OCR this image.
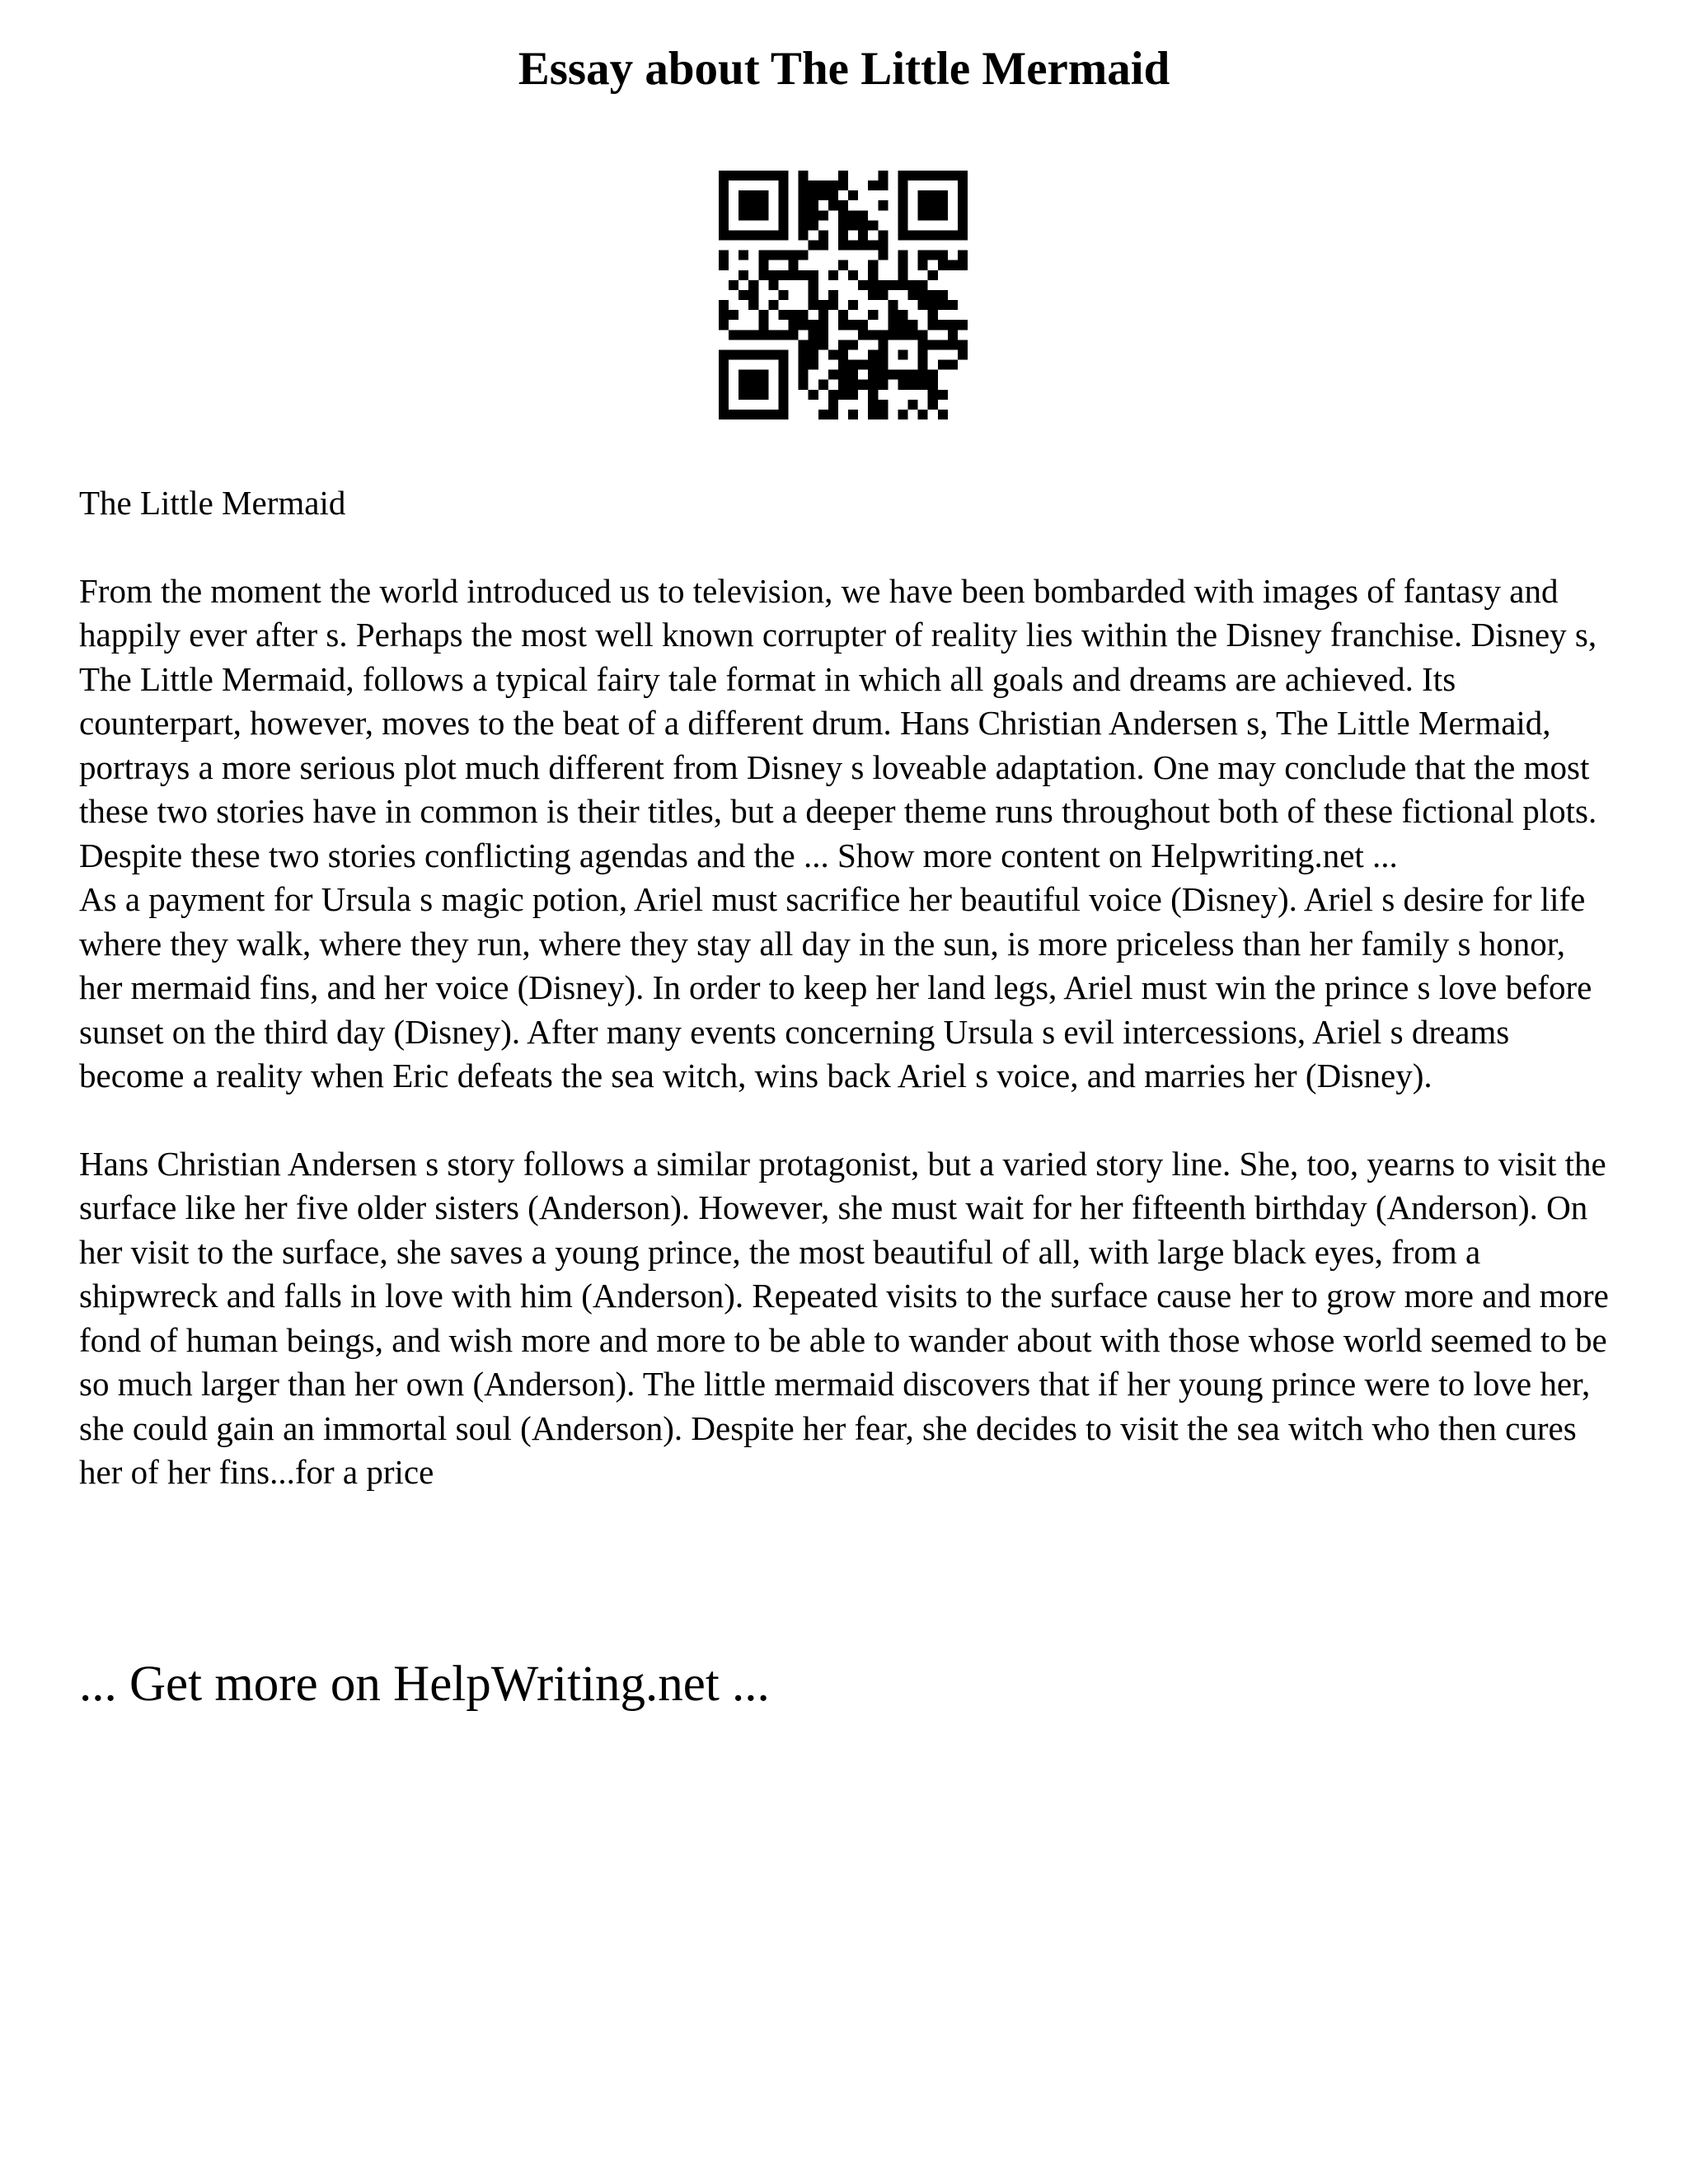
Essay about The Little Mermaid

The Little Mermaid

From the moment the world introduced us to television, we have been bombarded with images of fantasy and happily ever after s. Perhaps the most well known corrupter of reality lies within the Disney franchise. Disney s, The Little Mermaid, follows a typical fairy tale format in which all goals and dreams are achieved. Its counterpart, however, moves to the beat of a different drum. Hans Christian Andersen s, The Little Mermaid, portrays a more serious plot much different from Disney s loveable adaptation. One may conclude that the most these two stories have in common is their titles, but a deeper theme runs throughout both of these fictional plots. Despite these two stories conflicting agendas and the ... Show more content on Helpwriting.net ...

As a payment for Ursula s magic potion, Ariel must sacrifice her beautiful voice (Disney). Ariel s desire for life where they walk, where they run, where they stay all day in the sun, is more priceless than her family s honor, her mermaid fins, and her voice (Disney). In order to keep her land legs, Ariel must win the prince s love before sunset on the third day (Disney). After many events concerning Ursula s evil intercessions, Ariel s dreams become a reality when Eric defeats the sea witch, wins back Ariel s voice, and marries her (Disney).

Hans Christian Andersen s story follows a similar protagonist, but a varied story line. She, too, yearns to visit the surface like her five older sisters (Anderson). However, she must wait for her fifteenth birthday (Anderson). On her visit to the surface, she saves a young prince, the most beautiful of all, with large black eyes, from a shipwreck and falls in love with him (Anderson). Repeated visits to the surface cause her to grow more and more fond of human beings, and wish more and more to be able to wander about with those whose world seemed to be so much larger than her own (Anderson). The little mermaid discovers that if her young prince were to love her, she could gain an immortal soul (Anderson). Despite her fear, she decides to visit the sea witch who then cures her of her fins...for a price

... Get more on HelpWriting.net ...
